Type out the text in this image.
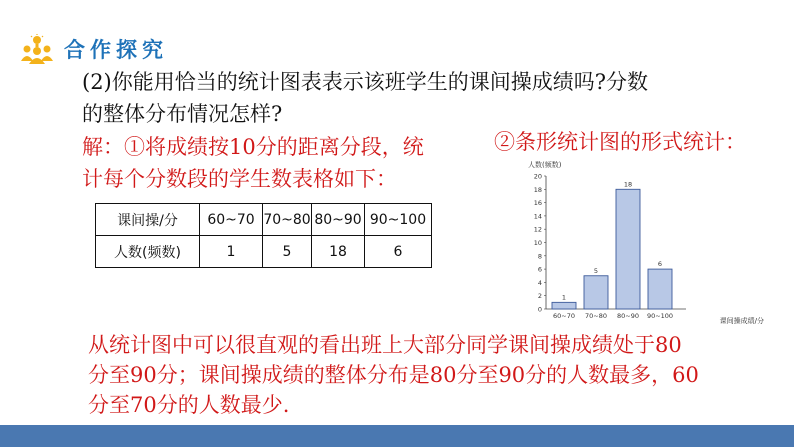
合作探究
(2)你能用恰当的统计图表表示该班学生的课间操成绩吗?分数
的整体分布情况怎样?
解：①将成绩按10分的距离分段，统
计每个分数段的学生数表格如下：
②条形统计图的形式统计：
课间操/分	60~70	70~80	80~90	90~100
人数(频数)	1	5	18	6
人数(频数)
课间操成绩/分
0
2
4
6
8
10
12
14
16
18
20
1
60~70
5
70~80
18
80~90
6
90~100
从统计图中可以很直观的看出班上大部分同学课间操成绩处于80
分至90分；课间操成绩的整体分布是80分至90分的人数最多，60
分至70分的人数最少.
